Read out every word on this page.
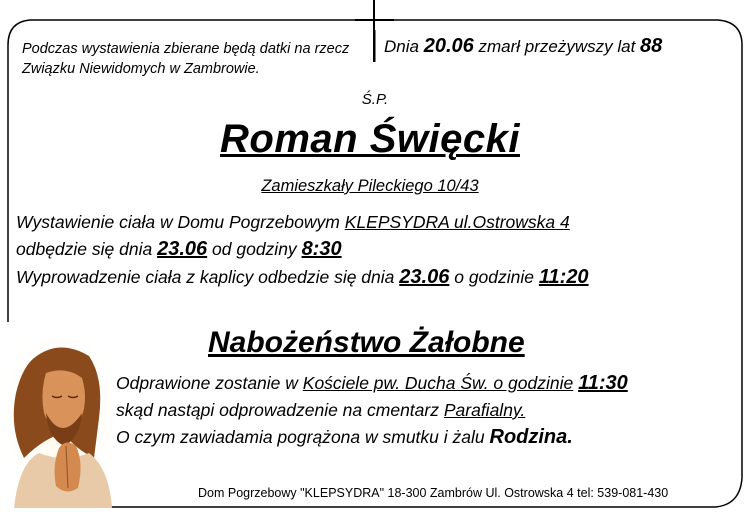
Podczas wystawienia zbierane będą datki na rzecz Związku Niewidomych w Zambrowie.
Dnia 20.06 zmarł przeżywszy lat 88
Ś.P.
Roman Święcki
Zamieszkały Pileckiego 10/43
Wystawienie ciała w Domu Pogrzebowym KLEPSYDRA ul.Ostrowska 4
odbędzie się dnia 23.06 od godziny 8:30
Wyprowadzenie ciała z kaplicy odbedzie się dnia 23.06 o godzinie 11:20
Nabożeństwo Żałobne
Odprawione zostanie w Kościele pw. Ducha Św. o godzinie 11:30
skąd nastąpi odprowadzenie na cmentarz Parafialny.
O czym zawiadamia pogrążona w smutku i żalu Rodzina.
Dom Pogrzebowy "KLEPSYDRA" 18-300 Zambrów Ul. Ostrowska 4 tel: 539-081-430
